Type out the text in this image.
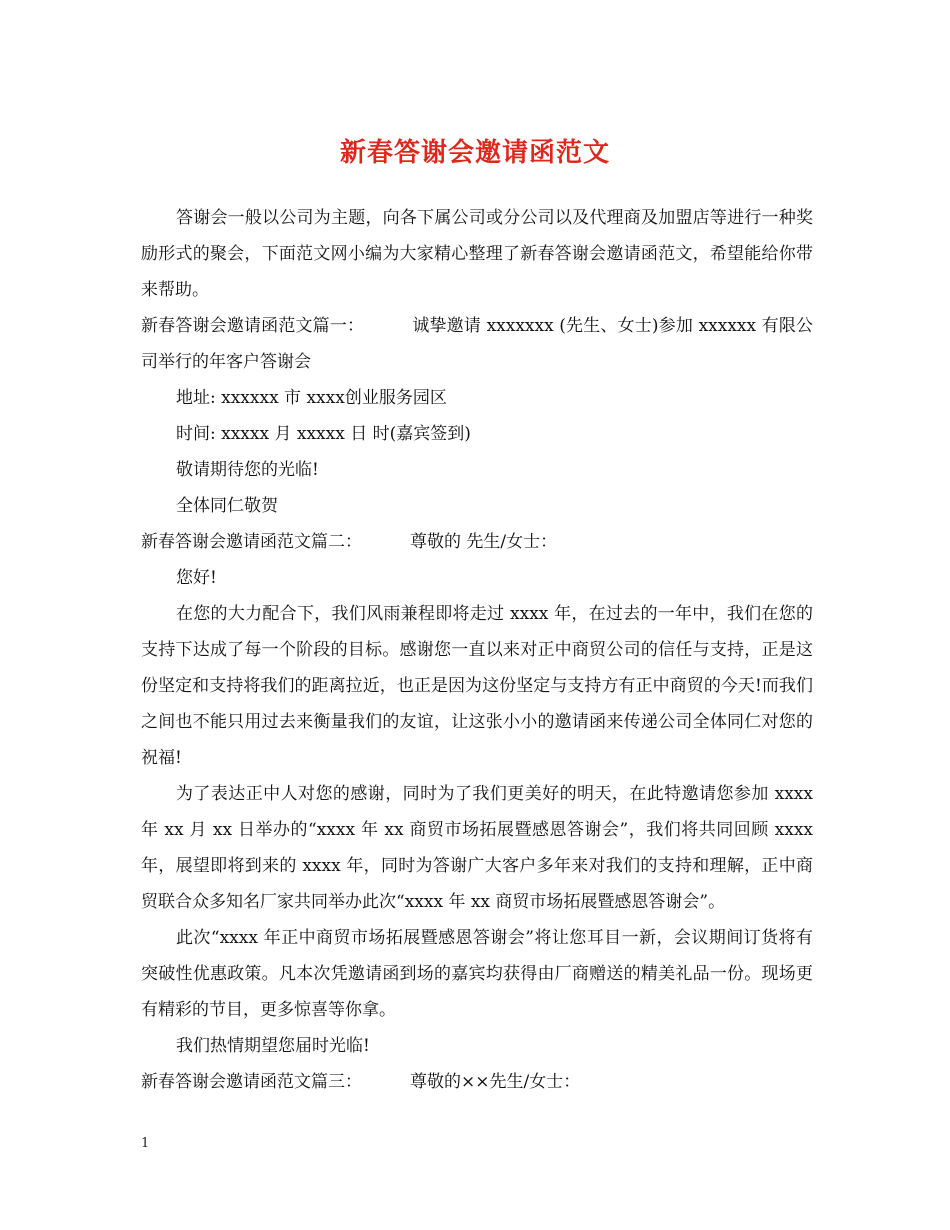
新春答谢会邀请函范文

答谢会一般以公司为主题，向各下属公司或分公司以及代理商及加盟店等进行一种奖励形式的聚会，下面范文网小编为大家精心整理了新春答谢会邀请函范文，希望能给你带来帮助。

新春答谢会邀请函范文篇一：	诚挚邀请 xxxxxxx (先生、女士)参加 xxxxxx 有限公司举行的年客户答谢会

地址: xxxxxx 市 xxxx创业服务园区

时间: xxxxx 月 xxxxx 日 时(嘉宾签到)

敬请期待您的光临!

全体同仁敬贺

新春答谢会邀请函范文篇二：	尊敬的 先生/女士：

您好!

在您的大力配合下，我们风雨兼程即将走过 xxxx 年，在过去的一年中，我们在您的支持下达成了每一个阶段的目标。感谢您一直以来对正中商贸公司的信任与支持，正是这份坚定和支持将我们的距离拉近，也正是因为这份坚定与支持方有正中商贸的今天!而我们之间也不能只用过去来衡量我们的友谊，让这张小小的邀请函来传递公司全体同仁对您的祝福!

为了表达正中人对您的感谢，同时为了我们更美好的明天，在此特邀请您参加 xxxx 年 xx 月 xx 日举办的“xxxx 年 xx 商贸市场拓展暨感恩答谢会”，我们将共同回顾 xxxx 年，展望即将到来的 xxxx 年，同时为答谢广大客户多年来对我们的支持和理解，正中商贸联合众多知名厂家共同举办此次“xxxx 年 xx 商贸市场拓展暨感恩答谢会”。

此次“xxxx 年正中商贸市场拓展暨感恩答谢会”将让您耳目一新，会议期间订货将有突破性优惠政策。凡本次凭邀请函到场的嘉宾均获得由厂商赠送的精美礼品一份。现场更有精彩的节目，更多惊喜等你拿。

我们热情期望您届时光临!

新春答谢会邀请函范文篇三：	尊敬的××先生/女士：

1
